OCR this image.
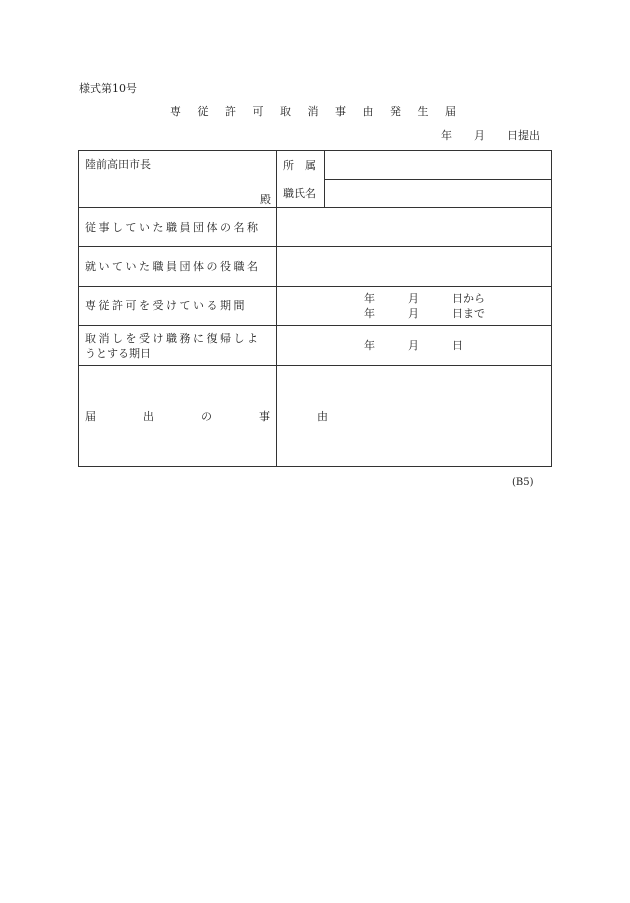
様式第10号
専従許可取消事由発生届
年　　月　　日提出
陸前高田市長
殿
所　属
職氏名
従事していた職員団体の名称
就いていた職員団体の役職名
専従許可を受けている期間
年　　　月　　　日から
年　　　月　　　日まで
取消しを受け職務に復帰しよ
うとする期日
年　　　月　　　日
届　出　の　事　由
(B5)
